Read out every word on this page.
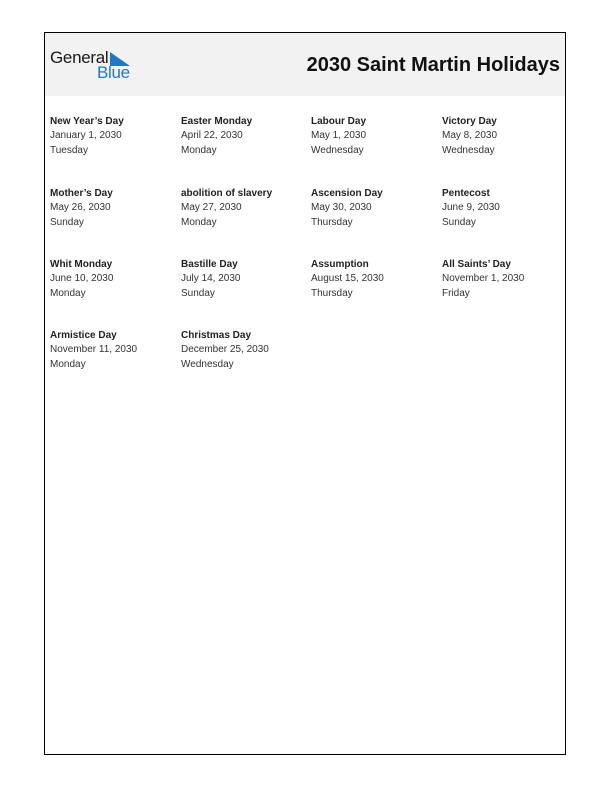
General
Blue	2030 Saint Martin Holidays
New Year’s Day
January 1, 2030
Tuesday
Easter Monday
April 22, 2030
Monday
Labour Day
May 1, 2030
Wednesday
Victory Day
May 8, 2030
Wednesday
Mother’s Day
May 26, 2030
Sunday
abolition of slavery
May 27, 2030
Monday
Ascension Day
May 30, 2030
Thursday
Pentecost
June 9, 2030
Sunday
Whit Monday
June 10, 2030
Monday
Bastille Day
July 14, 2030
Sunday
Assumption
August 15, 2030
Thursday
All Saints’ Day
November 1, 2030
Friday
Armistice Day
November 11, 2030
Monday
Christmas Day
December 25, 2030
Wednesday
